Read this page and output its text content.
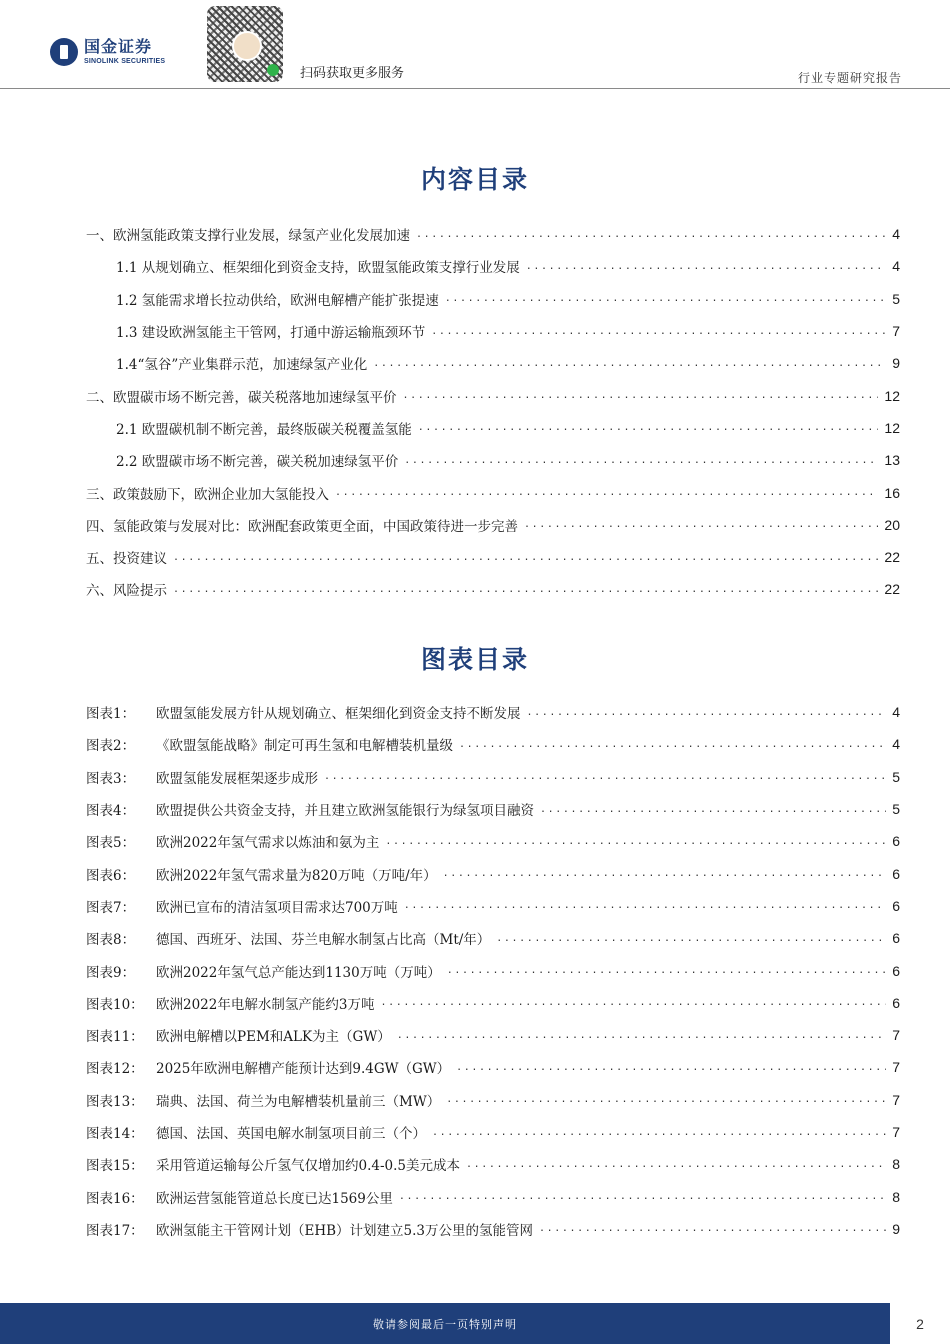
国金证券
SINOLINK SECURITIES
扫码获取更多服务	行业专题研究报告
内容目录
一、欧洲氢能政策支撑行业发展，绿氢产业化发展加速 .....	4
1.1 从规划确立、框架细化到资金支持，欧盟氢能政策支撑行业发展 .....	4
1.2 氢能需求增长拉动供给，欧洲电解槽产能扩张提速 .....	5
1.3 建设欧洲氢能主干管网，打通中游运输瓶颈环节 .....	7
1.4“氢谷”产业集群示范，加速绿氢产业化 .....	9
二、欧盟碳市场不断完善，碳关税落地加速绿氢平价 .....	12
2.1 欧盟碳机制不断完善，最终版碳关税覆盖氢能 .....	12
2.2 欧盟碳市场不断完善，碳关税加速绿氢平价 .....	13
三、政策鼓励下，欧洲企业加大氢能投入 .....	16
四、氢能政策与发展对比：欧洲配套政策更全面，中国政策待进一步完善 .....	20
五、投资建议 .....	22
六、风险提示 .....	22
图表目录
图表1： 欧盟氢能发展方针从规划确立、框架细化到资金支持不断发展 .....	4
图表2： 《欧盟氢能战略》制定可再生氢和电解槽装机量级 .....	4
图表3： 欧盟氢能发展框架逐步成形 .....	5
图表4： 欧盟提供公共资金支持，并且建立欧洲氢能银行为绿氢项目融资 .....	5
图表5： 欧洲2022年氢气需求以炼油和氨为主 .....	6
图表6： 欧洲2022年氢气需求量为820万吨（万吨/年） .....	6
图表7： 欧洲已宣布的清洁氢项目需求达700万吨 .....	6
图表8： 德国、西班牙、法国、芬兰电解水制氢占比高（Mt/年） .....	6
图表9： 欧洲2022年氢气总产能达到1130万吨（万吨） .....	6
图表10： 欧洲2022年电解水制氢产能约3万吨 .....	6
图表11： 欧洲电解槽以PEM和ALK为主（GW） .....	7
图表12： 2025年欧洲电解槽产能预计达到9.4GW（GW） .....	7
图表13： 瑞典、法国、荷兰为电解槽装机量前三（MW） .....	7
图表14： 德国、法国、英国电解水制氢项目前三（个） .....	7
图表15： 采用管道运输每公斤氢气仅增加约0.4-0.5美元成本 .....	8
图表16： 欧洲运营氢能管道总长度已达1569公里 .....	8
图表17： 欧洲氢能主干管网计划（EHB）计划建立5.3万公里的氢能管网 .....	9
敬请参阅最后一页特别声明	2
